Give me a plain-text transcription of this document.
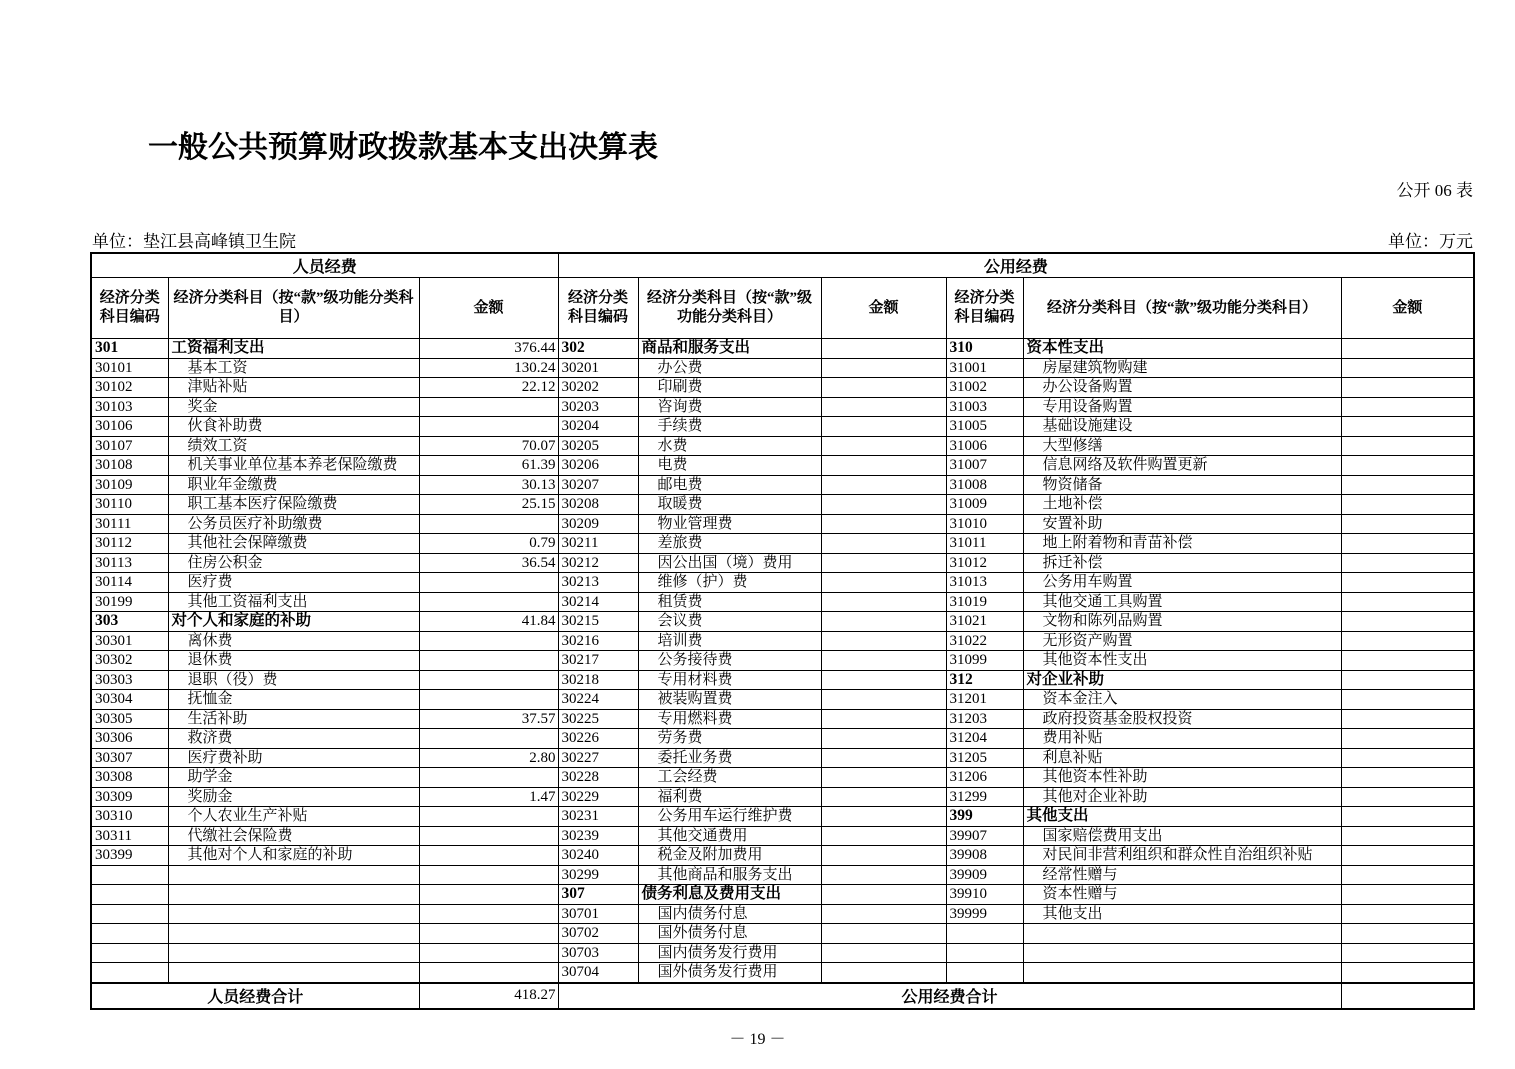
一般公共预算财政拨款基本支出决算表
公开 06 表
单位：垫江县高峰镇卫生院	单位：万元
人员经费			公用经费					
经济分类科目编码	经济分类科目（按“款”级功能分类科目）	金额	经济分类科目编码	经济分类科目（按“款”级功能分类科目）	金额	经济分类科目编码	经济分类科目（按“款”级功能分类科目）	金额
301	工资福利支出	376.44	302	商品和服务支出		310	资本性支出	
30101	基本工资	130.24	30201	办公费		31001	房屋建筑物购建	
30102	津贴补贴	22.12	30202	印刷费		31002	办公设备购置	
30103	奖金		30203	咨询费		31003	专用设备购置	
30106	伙食补助费		30204	手续费		31005	基础设施建设	
30107	绩效工资	70.07	30205	水费		31006	大型修缮	
30108	机关事业单位基本养老保险缴费	61.39	30206	电费		31007	信息网络及软件购置更新	
30109	职业年金缴费	30.13	30207	邮电费		31008	物资储备	
30110	职工基本医疗保险缴费	25.15	30208	取暖费		31009	土地补偿	
30111	公务员医疗补助缴费		30209	物业管理费		31010	安置补助	
30112	其他社会保障缴费	0.79	30211	差旅费		31011	地上附着物和青苗补偿	
30113	住房公积金	36.54	30212	因公出国（境）费用		31012	拆迁补偿	
30114	医疗费		30213	维修（护）费		31013	公务用车购置	
30199	其他工资福利支出		30214	租赁费		31019	其他交通工具购置	
303	对个人和家庭的补助	41.84	30215	会议费		31021	文物和陈列品购置	
30301	离休费		30216	培训费		31022	无形资产购置	
30302	退休费		30217	公务接待费		31099	其他资本性支出	
30303	退职（役）费		30218	专用材料费		312	对企业补助	
30304	抚恤金		30224	被装购置费		31201	资本金注入	
30305	生活补助	37.57	30225	专用燃料费		31203	政府投资基金股权投资	
30306	救济费		30226	劳务费		31204	费用补贴	
30307	医疗费补助	2.80	30227	委托业务费		31205	利息补贴	
30308	助学金		30228	工会经费		31206	其他资本性补助	
30309	奖励金	1.47	30229	福利费		31299	其他对企业补助	
30310	个人农业生产补贴		30231	公务用车运行维护费		399	其他支出	
30311	代缴社会保险费		30239	其他交通费用		39907	国家赔偿费用支出	
30399	其他对个人和家庭的补助		30240	税金及附加费用		39908	对民间非营利组织和群众性自治组织补贴	
			30299	其他商品和服务支出		39909	经常性赠与	
			307	债务利息及费用支出		39910	资本性赠与	
			30701	国内债务付息		39999	其他支出	
			30702	国外债务付息				
			30703	国内债务发行费用				
			30704	国外债务发行费用				
人员经费合计		418.27	公用经费合计					
－ 19 －
